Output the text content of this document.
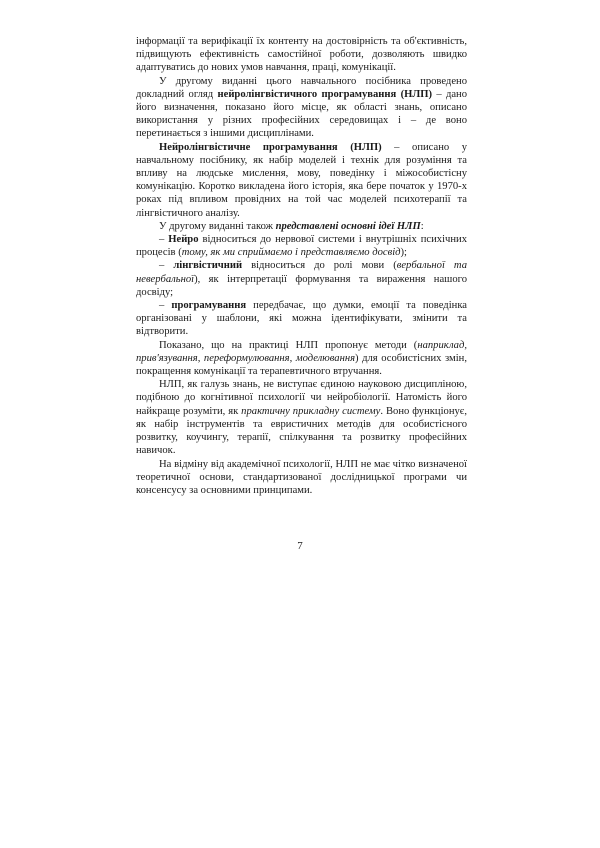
інформації та верифікації їх контенту на достовірність та об'єктивність, підвищують ефективність самостійної роботи, дозволяють швидко адаптуватись до нових умов навчання, праці, комунікації.

У другому виданні цього навчального посібника проведено докладний огляд нейролінгвістичного програмування (НЛП) – дано його визначення, показано його місце, як області знань, описано використання у різних професійних середовищах і – де воно перетинається з іншими дисциплінами.

Нейролінгвістичне програмування (НЛП) – описано у навчальному посібнику, як набір моделей і технік для розуміння та впливу на людське мислення, мову, поведінку і міжособистісну комунікацію. Коротко викладена його історія, яка бере початок у 1970-х роках під впливом провідних на той час моделей психотерапії та лінгвістичного аналізу.

У другому виданні також представлені основні ідеї НЛП:

– Нейро відноситься до нервової системи і внутрішніх психічних процесів (тому, як ми сприймаємо і представляємо досвід);

– лінгвістичний відноситься до ролі мови (вербальної та невербальної), як інтерпретації формування та вираження нашого досвіду;

– програмування передбачає, що думки, емоції та поведінка організовані у шаблони, які можна ідентифікувати, змінити та відтворити.

Показано, що на практиці НЛП пропонує методи (наприклад, прив'язування, переформулювання, моделювання) для особистісних змін, покращення комунікації та терапевтичного втручання.

НЛП, як галузь знань, не виступає єдиною науковою дисципліною, подібною до когнітивної психології чи нейробіології. Натомість його найкраще розуміти, як практичну прикладну систему. Воно функціонує, як набір інструментів та евристичних методів для особистісного розвитку, коучингу, терапії, спілкування та розвитку професійних навичок.

На відміну від академічної психології, НЛП не має чітко визначеної теоретичної основи, стандартизованої дослідницької програми чи консенсусу за основними принципами.

7
